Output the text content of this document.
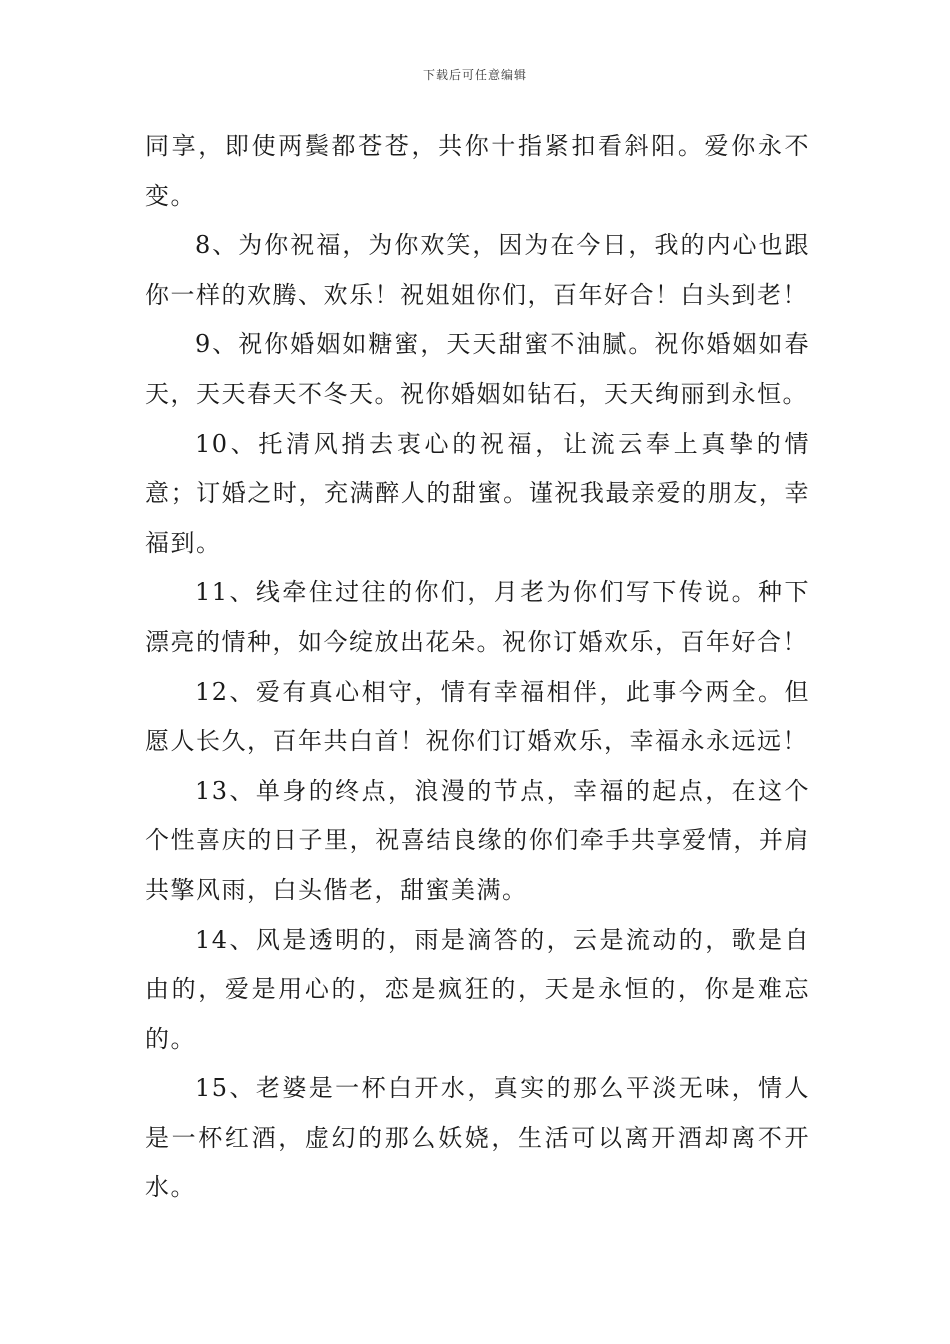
下载后可任意编辑

同享，即使两鬓都苍苍，共你十指紧扣看斜阳。爱你永不变。

8、为你祝福，为你欢笑，因为在今日，我的内心也跟你一样的欢腾、欢乐！祝姐姐你们，百年好合！白头到老！

9、祝你婚姻如糖蜜，天天甜蜜不油腻。祝你婚姻如春天，天天春天不冬天。祝你婚姻如钻石，天天绚丽到永恒。

10、托清风捎去衷心的祝福，让流云奉上真挚的情意；订婚之时，充满醉人的甜蜜。谨祝我最亲爱的朋友，幸福到。

11、线牵住过往的你们，月老为你们写下传说。种下漂亮的情种，如今绽放出花朵。祝你订婚欢乐，百年好合！

12、爱有真心相守，情有幸福相伴，此事今两全。但愿人长久，百年共白首！祝你们订婚欢乐，幸福永永远远！

13、单身的终点，浪漫的节点，幸福的起点，在这个个性喜庆的日子里，祝喜结良缘的你们牵手共享爱情，并肩共擎风雨，白头偕老，甜蜜美满。

14、风是透明的，雨是滴答的，云是流动的，歌是自由的，爱是用心的，恋是疯狂的，天是永恒的，你是难忘的。

15、老婆是一杯白开水，真实的那么平淡无味，情人是一杯红酒，虚幻的那么妖娆，生活可以离开酒却离不开水。
